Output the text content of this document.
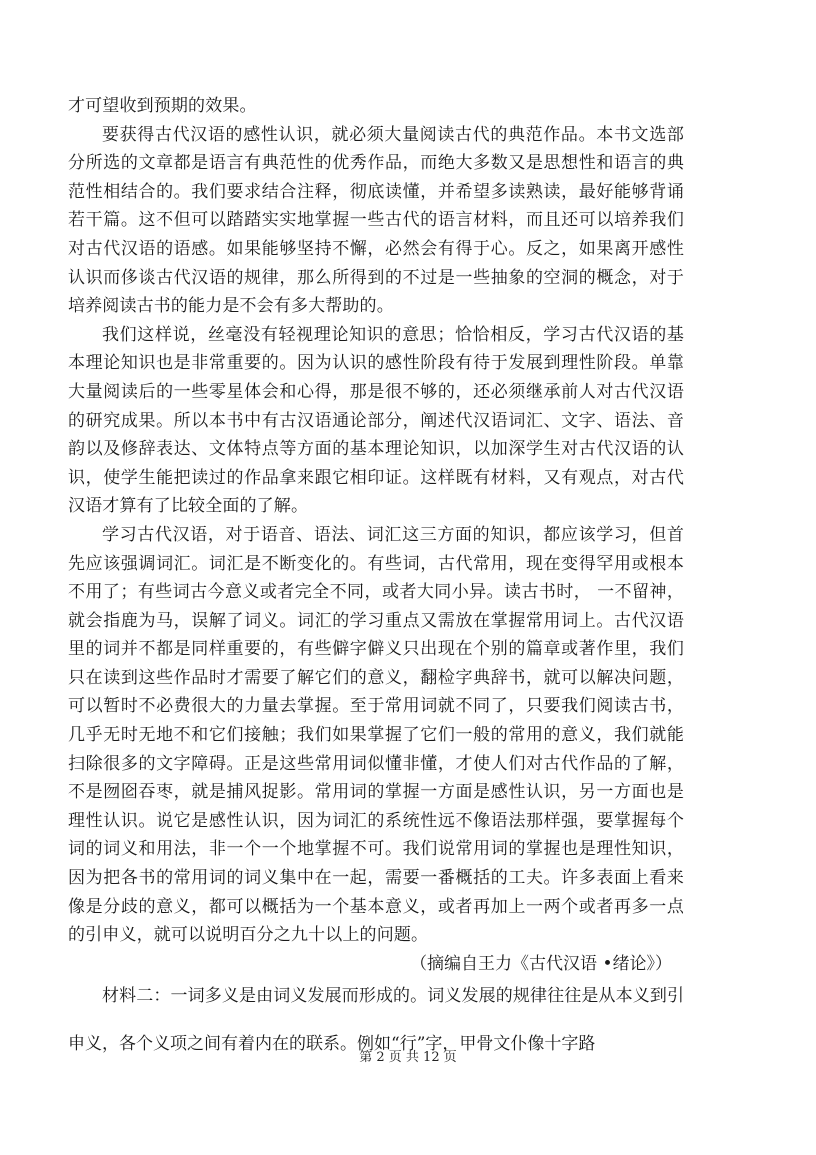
才可望收到预期的效果。

要获得古代汉语的感性认识，就必须大量阅读古代的典范作品。本书文选部分所选的文章都是语言有典范性的优秀作品，而绝大多数又是思想性和语言的典范性相结合的。我们要求结合注释，彻底读懂，并希望多读熟读，最好能够背诵若干篇。这不但可以踏踏实实地掌握一些古代的语言材料，而且还可以培养我们对古代汉语的语感。如果能够坚持不懈，必然会有得于心。反之，如果离开感性认识而侈谈古代汉语的规律，那么所得到的不过是一些抽象的空洞的概念，对于培养阅读古书的能力是不会有多大帮助的。

我们这样说，丝毫没有轻视理论知识的意思；恰恰相反，学习古代汉语的基本理论知识也是非常重要的。因为认识的感性阶段有待于发展到理性阶段。单靠大量阅读后的一些零星体会和心得，那是很不够的，还必须继承前人对古代汉语的研究成果。所以本书中有古汉语通论部分，阐述代汉语词汇、文字、语法、音韵以及修辞表达、文体特点等方面的基本理论知识，以加深学生对古代汉语的认识，使学生能把读过的作品拿来跟它相印证。这样既有材料，又有观点，对古代汉语才算有了比较全面的了解。

学习古代汉语，对于语音、语法、词汇这三方面的知识，都应该学习，但首先应该强调词汇。词汇是不断变化的。有些词，古代常用，现在变得罕用或根本不用了；有些词古今意义或者完全不同，或者大同小异。读古书时， 一不留神，就会指鹿为马，误解了词义。词汇的学习重点又需放在掌握常用词上。古代汉语里的词并不都是同样重要的，有些僻字僻义只出现在个别的篇章或著作里，我们只在读到这些作品时才需要了解它们的意义，翻检字典辞书，就可以解决问题，可以暂时不必费很大的力量去掌握。至于常用词就不同了，只要我们阅读古书，几乎无时无地不和它们接触；我们如果掌握了它们一般的常用的意义，我们就能扫除很多的文字障碍。正是这些常用词似懂非懂，才使人们对古代作品的了解，不是囫囵吞枣，就是捕风捉影。常用词的掌握一方面是感性认识，另一方面也是理性认识。说它是感性认识，因为词汇的系统性远不像语法那样强，要掌握每个词的词义和用法，非一个一个地掌握不可。我们说常用词的掌握也是理性知识，因为把各书的常用词的词义集中在一起，需要一番概括的工夫。许多表面上看来像是分歧的意义，都可以概括为一个基本意义，或者再加上一两个或者再多一点的引申义，就可以说明百分之九十以上的问题。

（摘编自王力《古代汉语 •绪论》）

材料二：一词多义是由词义发展而形成的。词义发展的规律往往是从本义到引申义，各个义项之间有着内在的联系。例如“行”字，甲骨文仆像十字路

第 2 页 共 12 页
